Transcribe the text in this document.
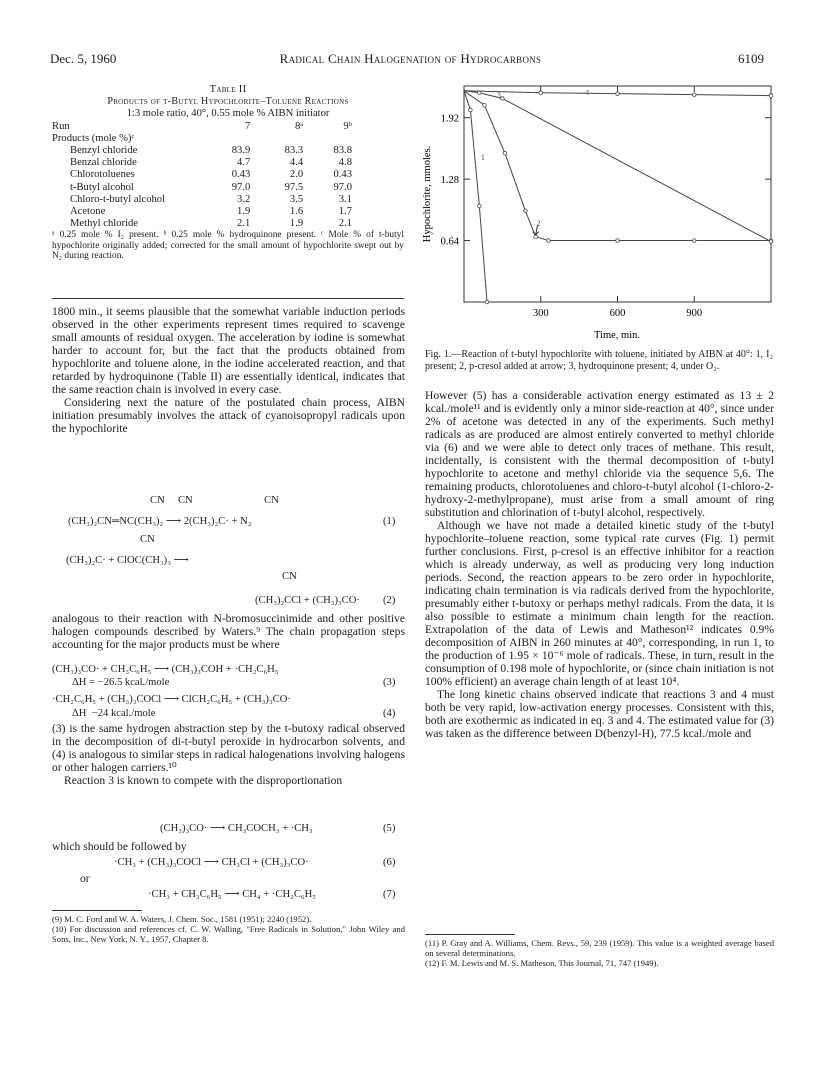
Dec. 5, 1960	Radical Chain Halogenation of Hydrocarbons	6109
Table II
Products of t-Butyl Hypochlorite–Toluene Reactions
1:3 mole ratio, 40°, 0.55 mole % AIBN initiator
Run	7	8ᵃ	9ᵇ
Products (mole %)ᶜ			
Benzyl chloride	83.9	83.3	83.8
Benzal chloride	4.7	4.4	4.8
Chlorotoluenes	0.43	2.0	0.43
t-Butyl alcohol	97.0	97.5	97.0
Chloro-t-butyl alcohol	3.2	3.5	3.1
Acetone	1.9	1.6	1.7
Methyl chloride	2.1	1.9	2.1
ᵃ 0.25 mole % I₂ present. ᵇ 0.25 mole % hydroquinone present. ᶜ Mole % of t-butyl hypochlorite originally added; corrected for the small amount of hypochlorite swept out by N₂ during reaction.

1800 min., it seems plausible that the somewhat variable induction periods observed in the other experiments represent times required to scavenge small amounts of residual oxygen. The acceleration by iodine is somewhat harder to account for, but the fact that the products obtained from hypochlorite and toluene alone, in the iodine accelerated reaction, and that retarded by hydroquinone (Table II) are essentially identical, indicates that the same reaction chain is involved in every case.

Considering next the nature of the postulated chain process, AIBN initiation presumably involves the attack of cyanoisopropyl radicals upon the hypochlorite

CN     CN                           CN
(CH₃)₂CN═NC(CH₃)₂ ⟶ 2(CH₃)₂C· + N₂	(1)
CN
(CH₃)₂C· + ClOC(CH₃)₃ ⟶
CN
(CH₃)₂CCl + (CH₃)₃CO· (2)

analogous to their reaction with N-bromosuccinimide and other positive halogen compounds described by Waters.⁹ The chain propagation steps accounting for the major products must be where

(CH₃)₃CO· + CH₃C₆H₅ ⟶ (CH₃)₃COH + ·CH₂C₆H₅
ΔH = −26.5 kcal./mole	(3)
·CH₂C₆H₅ + (CH₃)₃COCl ⟶ ClCH₂C₆H₅ + (CH₃)₃CO·
ΔH  −24 kcal./mole	(4)

(3) is the same hydrogen abstraction step by the t-butoxy radical observed in the decomposition of di-t-butyl peroxide in hydrocarbon solvents, and (4) is analogous to similar steps in radical halogenations involving halogens or other halogen carriers.¹⁰

Reaction 3 is known to compete with the disproportionation

(CH₃)₃CO· ⟶ CH₃COCH₃ + ·CH₃	(5)

which should be followed by

·CH₃ + (CH₃)₃COCl ⟶ CH₃Cl + (CH₃)₃CO·	(6)
or
·CH₃ + CH₃C₆H₅ ⟶ CH₄ + ·CH₂C₆H₅	(7)
(9) M. C. Ford and W. A. Waters, J. Chem. Soc., 1581 (1951); 2240 (1952).
(10) For discussion and references cf. C. W. Walling, "Free Radicals in Solution," John Wiley and Sons, Inc., New York, N. Y., 1957, Chapter 8.
1
2
3	4
0.64
1.28
1.92
300	600	900
Hypochlorite, mmoles.
Time, min.
Fig. 1.—Reaction of t-butyl hypochlorite with toluene, initiated by AIBN at 40°: 1, I₂ present; 2, p-cresol added at arrow; 3, hydroquinone present; 4, under O₂.

However (5) has a considerable activation energy estimated as 13 ± 2 kcal./mole¹¹ and is evidently only a minor side-reaction at 40°, since under 2% of acetone was detected in any of the experiments. Such methyl radicals as are produced are almost entirely converted to methyl chloride via (6) and we were able to detect only traces of methane. This result, incidentally, is consistent with the thermal decomposition of t-butyl hypochlorite to acetone and methyl chloride via the sequence 5,6. The remaining products, chlorotoluenes and chloro-t-butyl alcohol (1-chloro-2-hydroxy-2-methylpropane), must arise from a small amount of ring substitution and chlorination of t-butyl alcohol, respectively.

Although we have not made a detailed kinetic study of the t-butyl hypochlorite–toluene reaction, some typical rate curves (Fig. 1) permit further conclusions. First, p-cresol is an effective inhibitor for a reaction which is already underway, as well as producing very long induction periods. Second, the reaction appears to be zero order in hypochlorite, indicating chain termination is via radicals derived from the hypochlorite, presumably either t-butoxy or perhaps methyl radicals. From the data, it is also possible to estimate a minimum chain length for the reaction. Extrapolation of the data of Lewis and Matheson¹² indicates 0.9% decomposition of AIBN in 260 minutes at 40°, corresponding, in run 1, to the production of 1.95 × 10⁻⁶ mole of radicals. These, in turn, result in the consumption of 0.198 mole of hypochlorite, or (since chain initiation is not 100% efficient) an average chain length of at least 10⁴.

The long kinetic chains observed indicate that reactions 3 and 4 must both be very rapid, low-activation energy processes. Consistent with this, both are exothermic as indicated in eq. 3 and 4. The estimated value for (3) was taken as the difference between D(benzyl-H), 77.5 kcal./mole and

(11) P. Gray and A. Williams, Chem. Revs., 59, 239 (1959). This value is a weighted average based on several determinations.
(12) F. M. Lewis and M. S. Matheson, This Journal, 71, 747 (1949).
